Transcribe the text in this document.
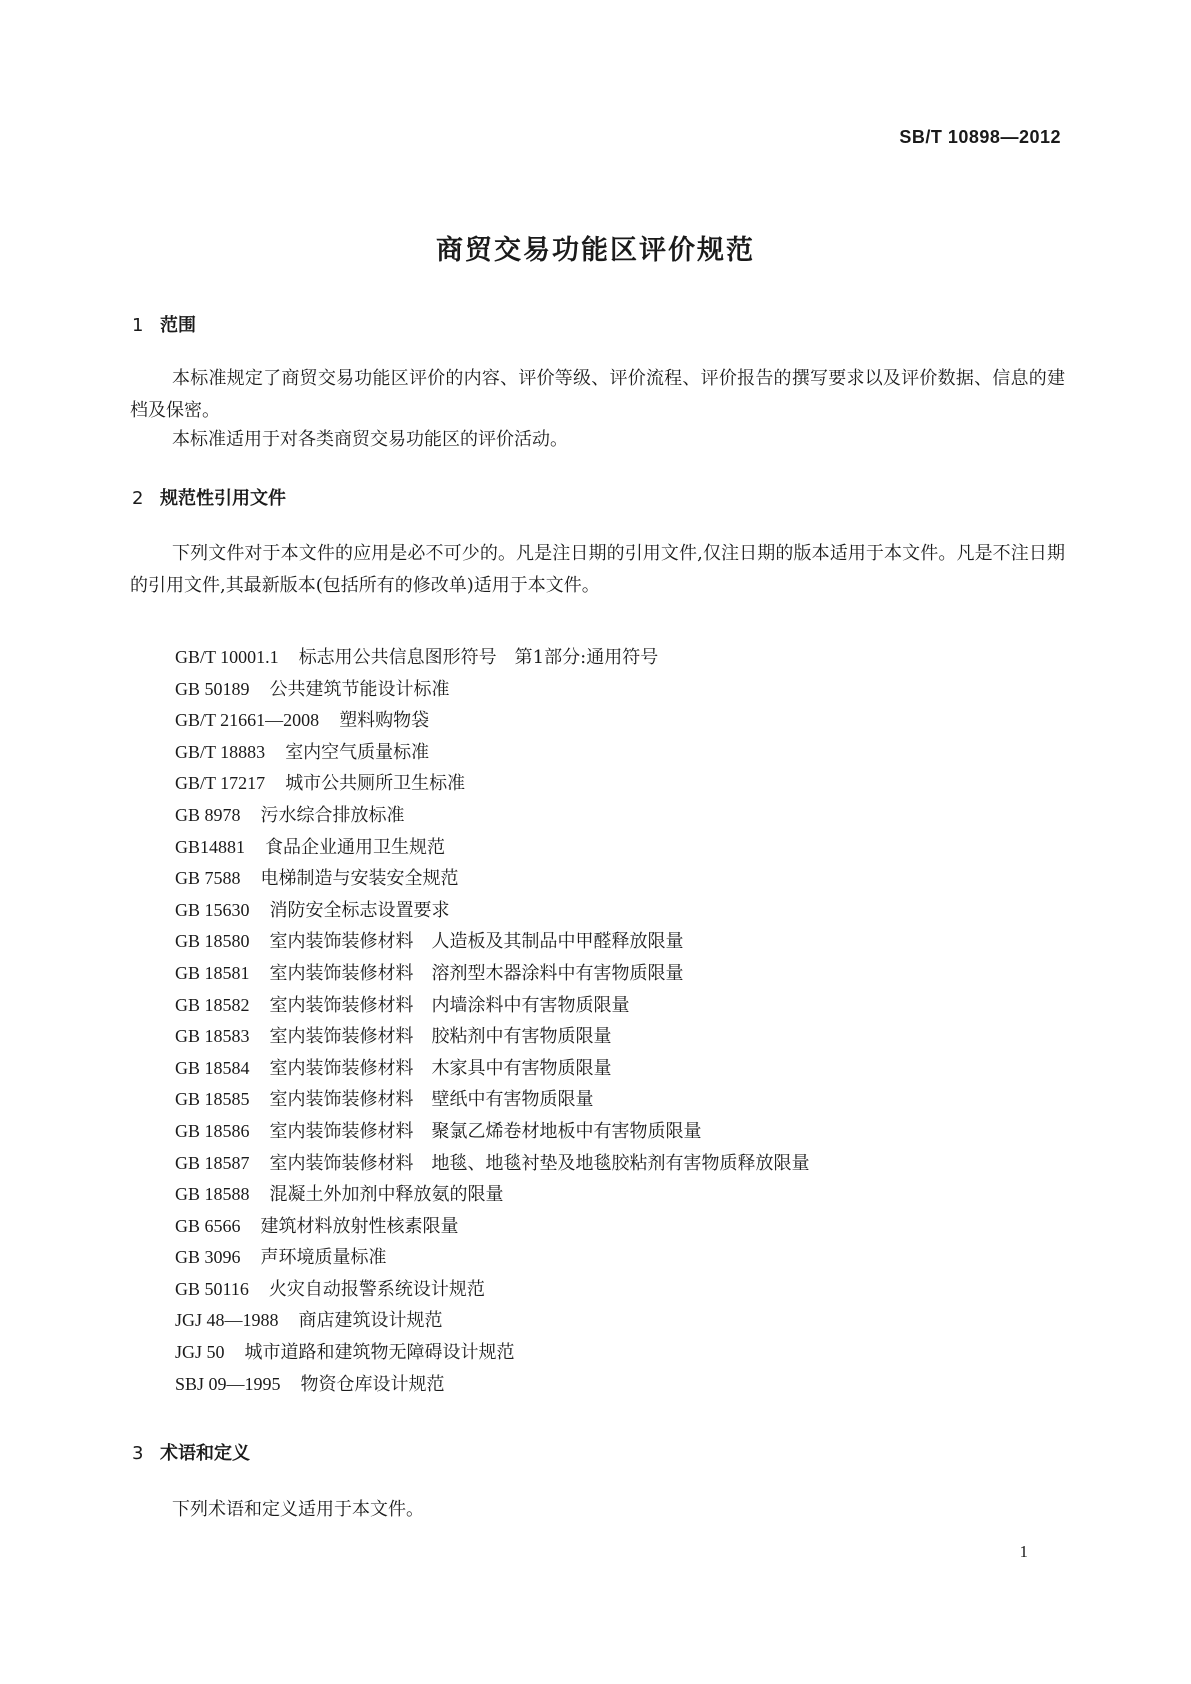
SB/T 10898—2012
商贸交易功能区评价规范
1 范围

本标准规定了商贸交易功能区评价的内容、评价等级、评价流程、评价报告的撰写要求以及评价数据、信息的建档及保密。

本标准适用于对各类商贸交易功能区的评价活动。

2 规范性引用文件

下列文件对于本文件的应用是必不可少的。凡是注日期的引用文件,仅注日期的版本适用于本文件。凡是不注日期的引用文件,其最新版本(包括所有的修改单)适用于本文件。

GB/T 10001.1 标志用公共信息图形符号　第1部分:通用符号
GB 50189 公共建筑节能设计标准
GB/T 21661—2008 塑料购物袋
GB/T 18883 室内空气质量标准
GB/T 17217 城市公共厕所卫生标准
GB 8978 污水综合排放标准
GB14881 食品企业通用卫生规范
GB 7588 电梯制造与安装安全规范
GB 15630 消防安全标志设置要求
GB 18580 室内装饰装修材料　人造板及其制品中甲醛释放限量
GB 18581 室内装饰装修材料　溶剂型木器涂料中有害物质限量
GB 18582 室内装饰装修材料　内墙涂料中有害物质限量
GB 18583 室内装饰装修材料　胶粘剂中有害物质限量
GB 18584 室内装饰装修材料　木家具中有害物质限量
GB 18585 室内装饰装修材料　壁纸中有害物质限量
GB 18586 室内装饰装修材料　聚氯乙烯卷材地板中有害物质限量
GB 18587 室内装饰装修材料　地毯、地毯衬垫及地毯胶粘剂有害物质释放限量
GB 18588 混凝土外加剂中释放氨的限量
GB 6566 建筑材料放射性核素限量
GB 3096 声环境质量标准
GB 50116 火灾自动报警系统设计规范
JGJ 48—1988 商店建筑设计规范
JGJ 50 城市道路和建筑物无障碍设计规范
SBJ 09—1995 物资仓库设计规范
3 术语和定义

下列术语和定义适用于本文件。

1
